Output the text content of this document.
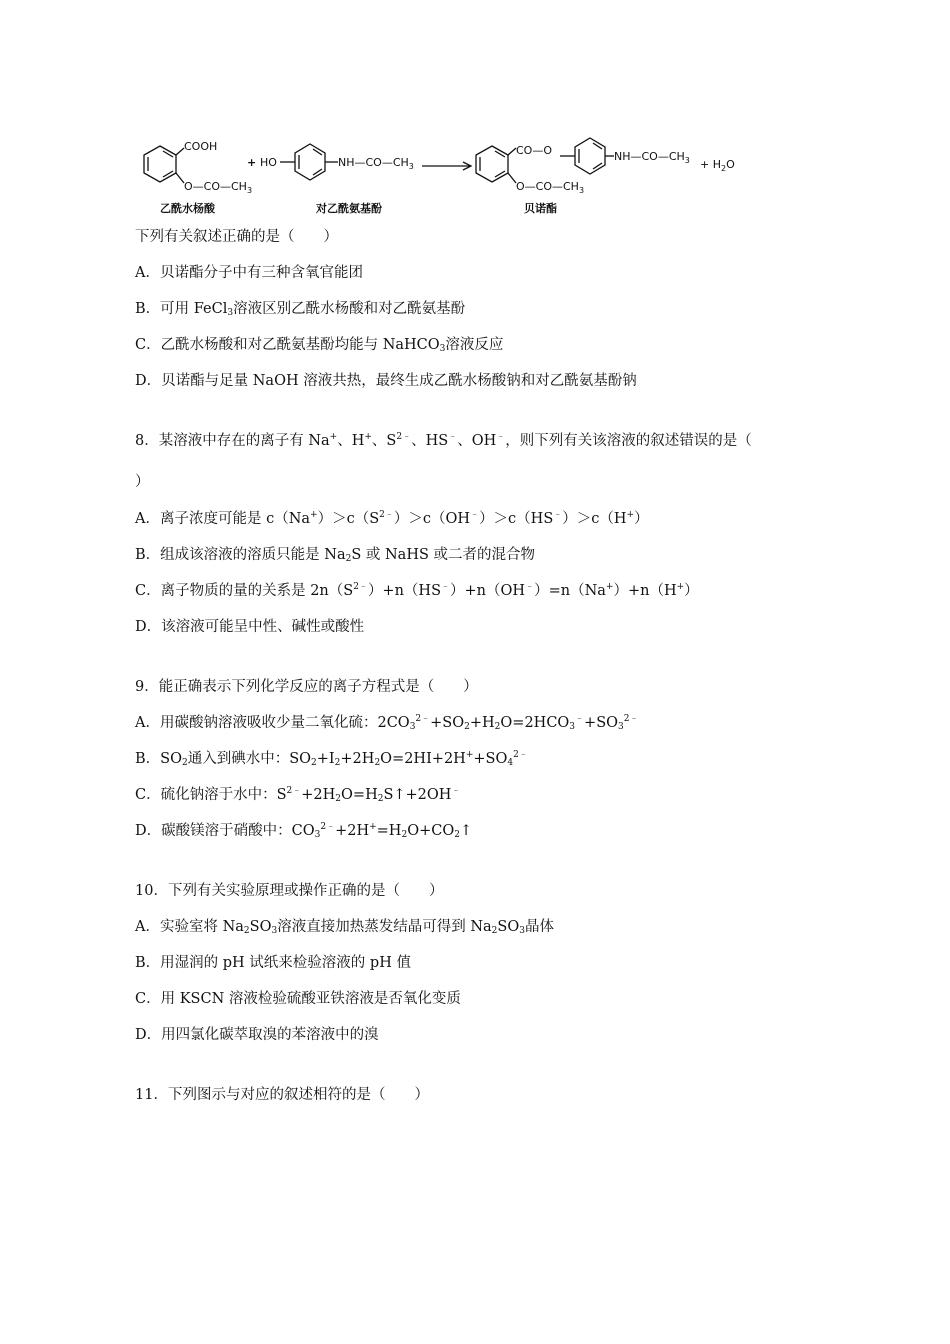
COOH
$O—CO—CH_3$
乙酰水杨酸
+ HO	$NH—CO—CH_3$
对乙酰氨基酚
CO—O
$O—CO—CH_3$
$NH—CO—CH_3$
贝诺酯
+ $H_2O$
下列有关叙述正确的是（　　）
A．贝诺酯分子中有三种含氧官能团
B．可用 FeCl$_3$溶液区别乙酰水杨酸和对乙酰氨基酚
C．乙酰水杨酸和对乙酰氨基酚均能与 NaHCO$_3$溶液反应
D．贝诺酯与足量 NaOH 溶液共热，最终生成乙酰水杨酸钠和对乙酰氨基酚钠
8．某溶液中存在的离子有 Na+、H+、$S^{2﹣}$、HS﹣、OH﹣，则下列有关该溶液的叙述错误的是（
）
A．离子浓度可能是 $c(Na^+)>c(S^{2﹣})>c(OH^﹣)>c(HS^﹣)>c(H^+)$
B．组成该溶液的溶质只能是 $Na_2S$ 或 NaHS 或二者的混合物
C．离子物质的量的关系是 $2n(S^{2﹣})+n(HS^﹣)+n(OH^﹣)=n(Na^+)+n(H^+)$
D．该溶液可能呈中性、碱性或酸性
9．能正确表示下列化学反应的离子方程式是（　　）
A．用碳酸钠溶液吸收少量二氧化硫：$2CO_3^{2﹣}+SO_2+H_2O=2HCO_3^﹣+SO_3^{2﹣}$
B．$SO_2$通入到碘水中：$SO_2+I_2+2H_2O=2HI+2H^++SO_4^{2﹣}$
C．硫化钠溶于水中：$S^{2﹣}+2H_2O=H_2S↑+2OH^﹣$
D．碳酸镁溶于硝酸中：$CO_3^{2﹣}+2H^+=H_2O+CO_2↑$
10．下列有关实验原理或操作正确的是（　　）
A．实验室将 $Na_2SO_3$溶液直接加热蒸发结晶可得到 $Na_2SO_3$晶体
B．用湿润的 pH 试纸来检验溶液的 pH 值
C．用 KSCN 溶液检验硫酸亚铁溶液是否氧化变质
D．用四氯化碳萃取溴的苯溶液中的溴
11．下列图示与对应的叙述相符的是（　　）
